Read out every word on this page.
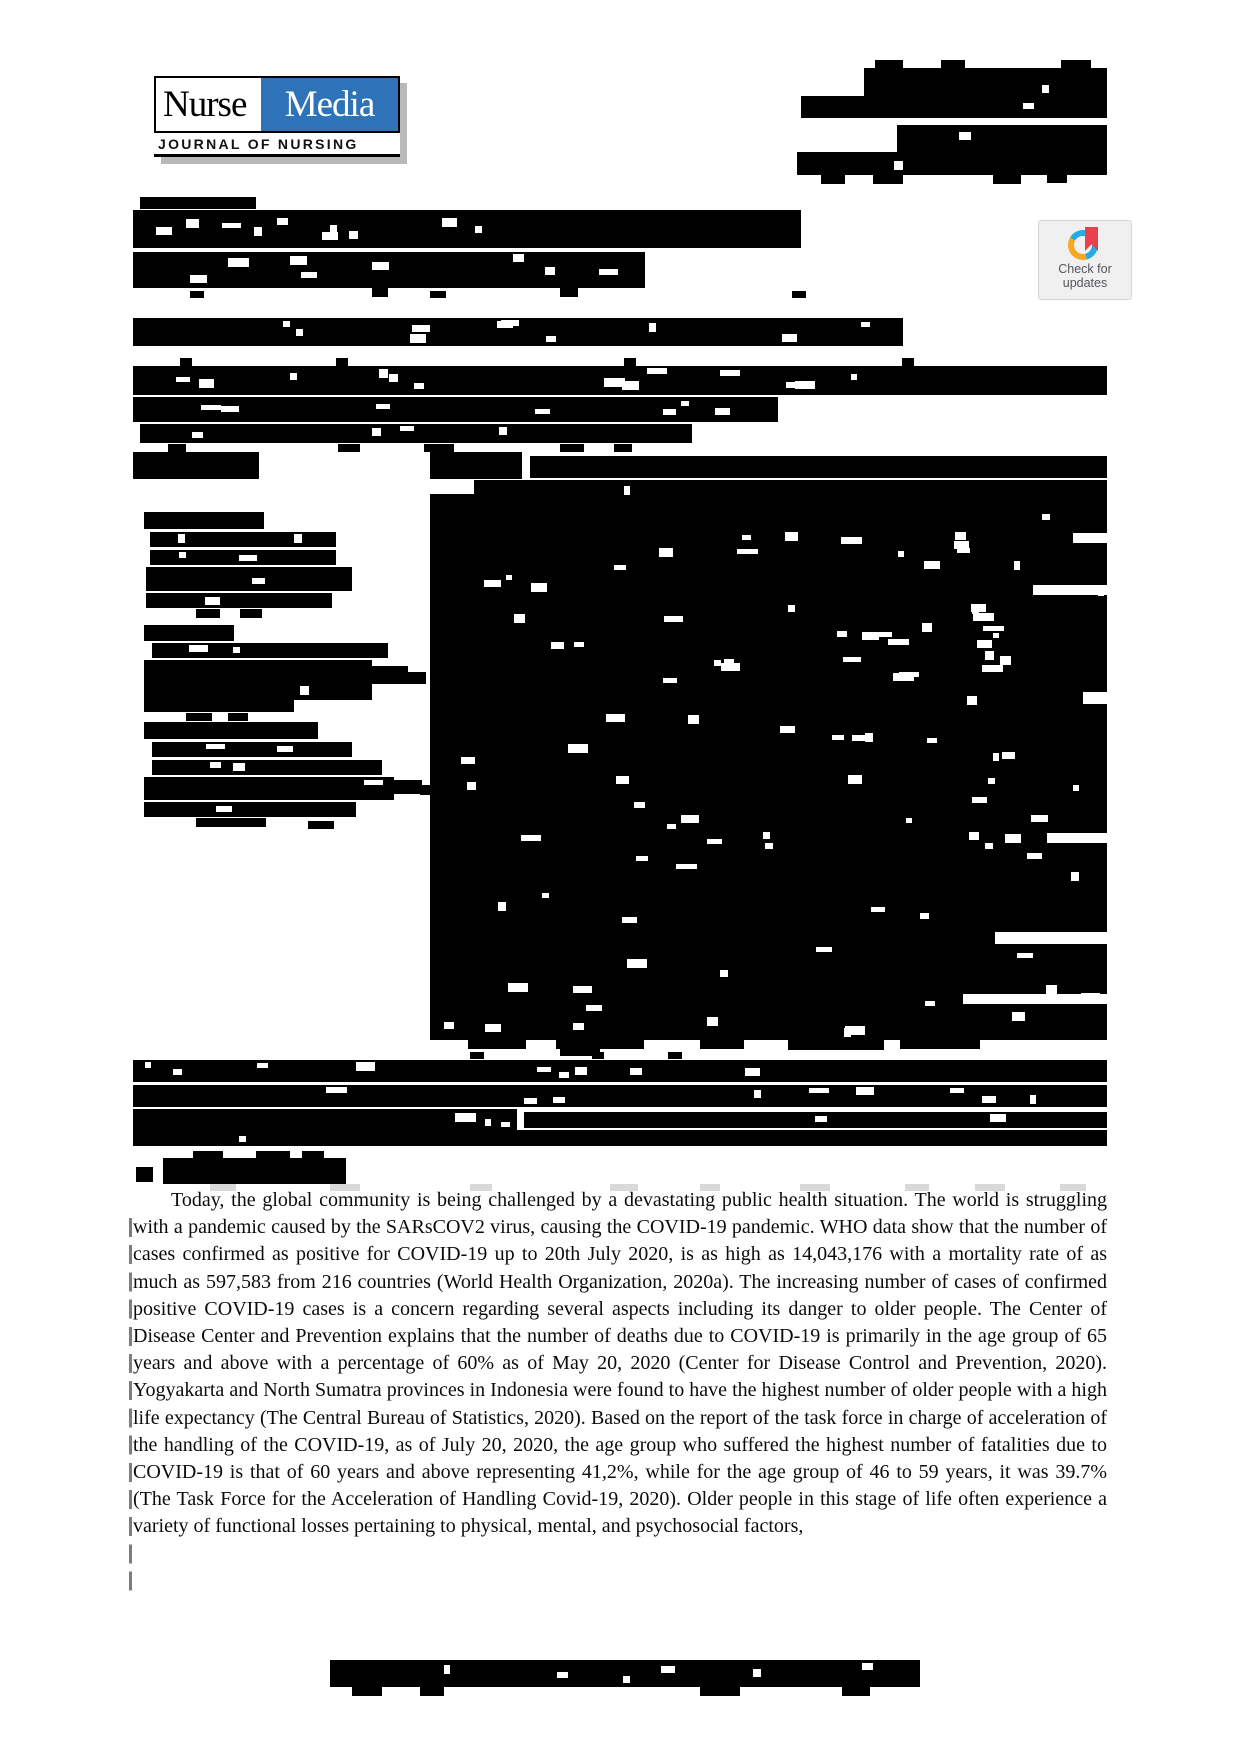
Nurse	Media
JOURNAL OF NURSING
Check for
updates
Today, the global community is being challenged by a devastating public health situation. The world is struggling with a pandemic caused by the SARsCOV2 virus, causing the COVID-19 pandemic. WHO data show that the number of cases confirmed as positive for COVID-19 up to 20th July 2020, is as high as 14,043,176 with a mortality rate of as much as 597,583 from 216 countries (World Health Organization, 2020a). The increasing number of cases of confirmed positive COVID-19 cases is a concern regarding several aspects including its danger to older people. The Center of Disease Center and Prevention explains that the number of deaths due to COVID-19 is primarily in the age group of 65 years and above with a percentage of 60% as of May 20, 2020 (Center for Disease Control and Prevention, 2020). Yogyakarta and North Sumatra provinces in Indonesia were found to have the highest number of older people with a high life expectancy (The Central Bureau of Statistics, 2020). Based on the report of the task force in charge of acceleration of the handling of the COVID-19, as of July 20, 2020, the age group who suffered the highest number of fatalities due to COVID-19 is that of 60 years and above representing 41,2%, while for the age group of 46 to 59 years, it was 39.7% (The Task Force for the Acceleration of Handling Covid-19, 2020). Older people in this stage of life often experience a variety of functional losses pertaining to physical, mental, and psychosocial factors,
